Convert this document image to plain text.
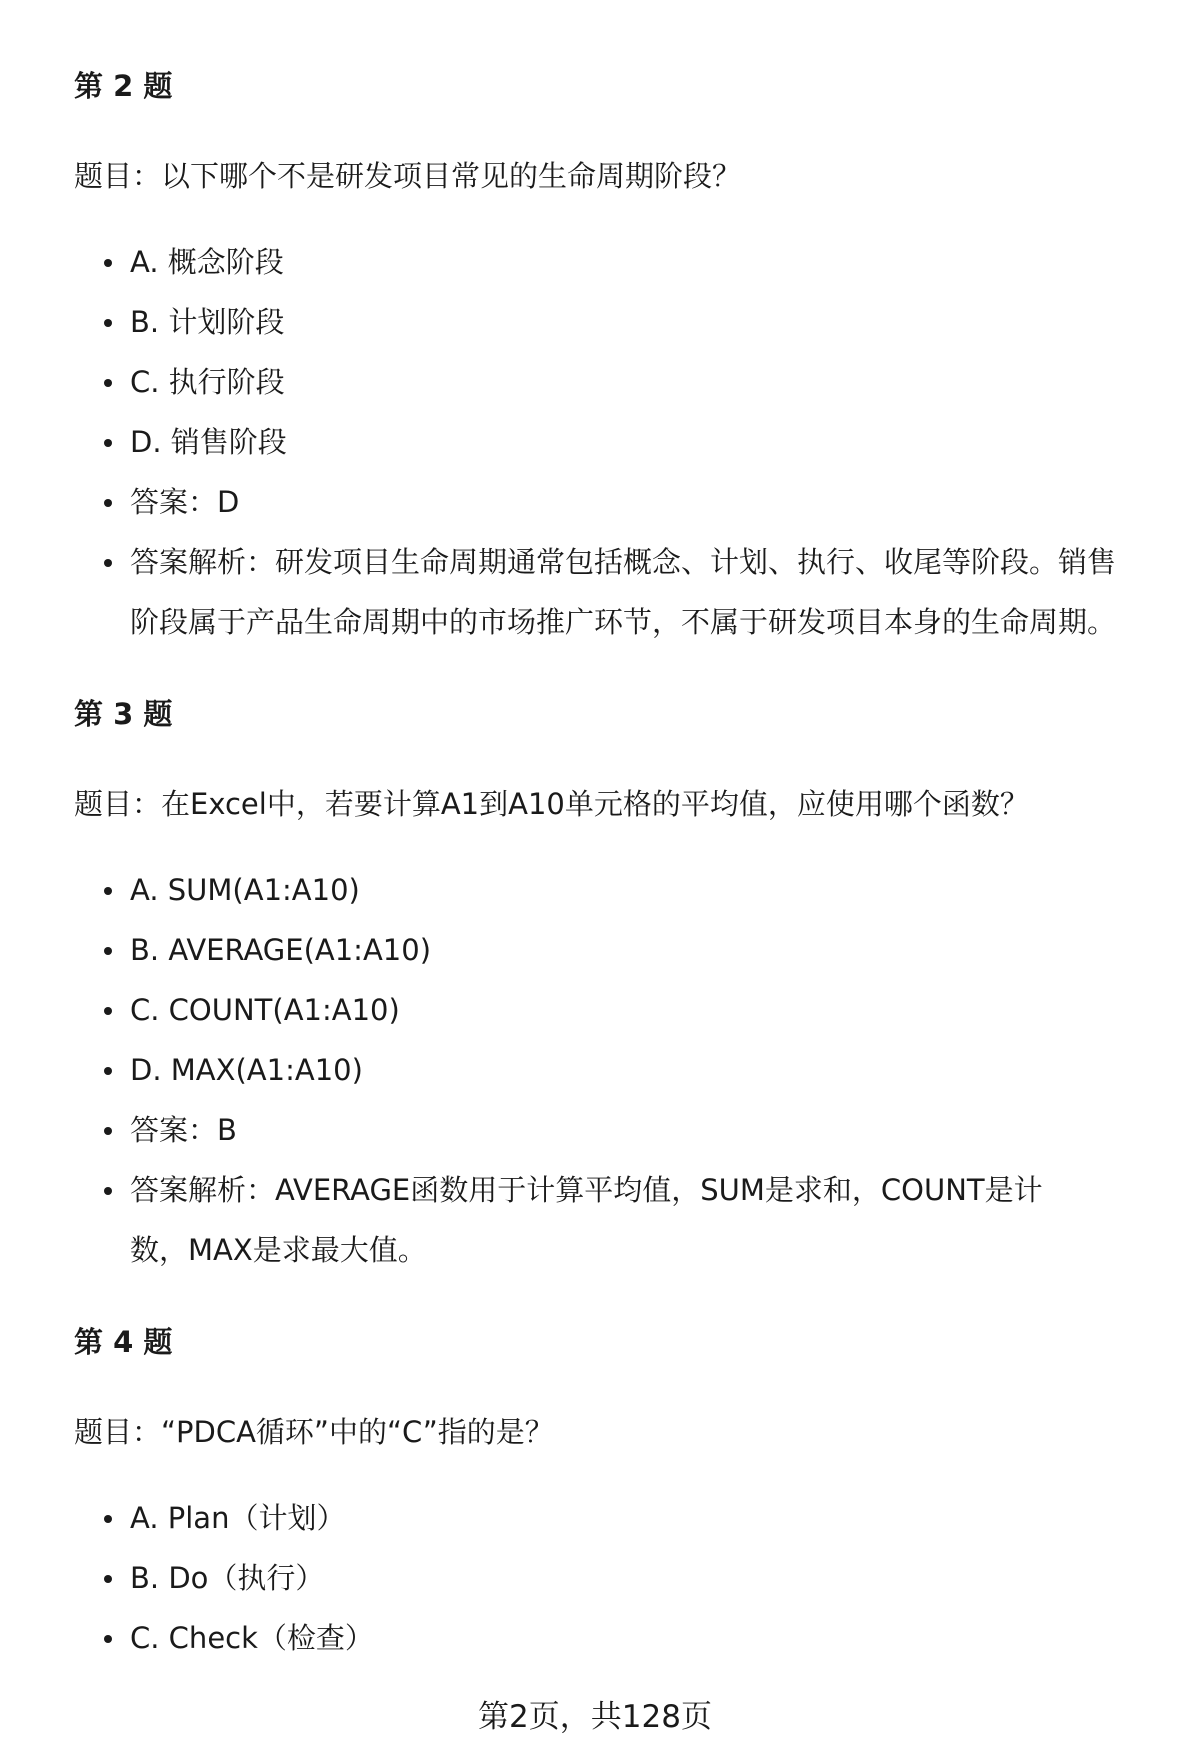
第 2 题

题目：以下哪个不是研发项目常见的生命周期阶段？

A. 概念阶段
B. 计划阶段
C. 执行阶段
D. 销售阶段
答案：D
答案解析：研发项目生命周期通常包括概念、计划、执行、收尾等阶段。销售
阶段属于产品生命周期中的市场推广环节，不属于研发项目本身的生命周期。
第 3 题

题目：在Excel中，若要计算A1到A10单元格的平均值，应使用哪个函数？

A. SUM(A1:A10)
B. AVERAGE(A1:A10)
C. COUNT(A1:A10)
D. MAX(A1:A10)
答案：B
答案解析：AVERAGE函数用于计算平均值，SUM是求和，COUNT是计
数，MAX是求最大值。
第 4 题

题目：“PDCA循环”中的“C”指的是？

A. Plan（计划）
B. Do（执行）
C. Check（检查）
第2页，共128页
